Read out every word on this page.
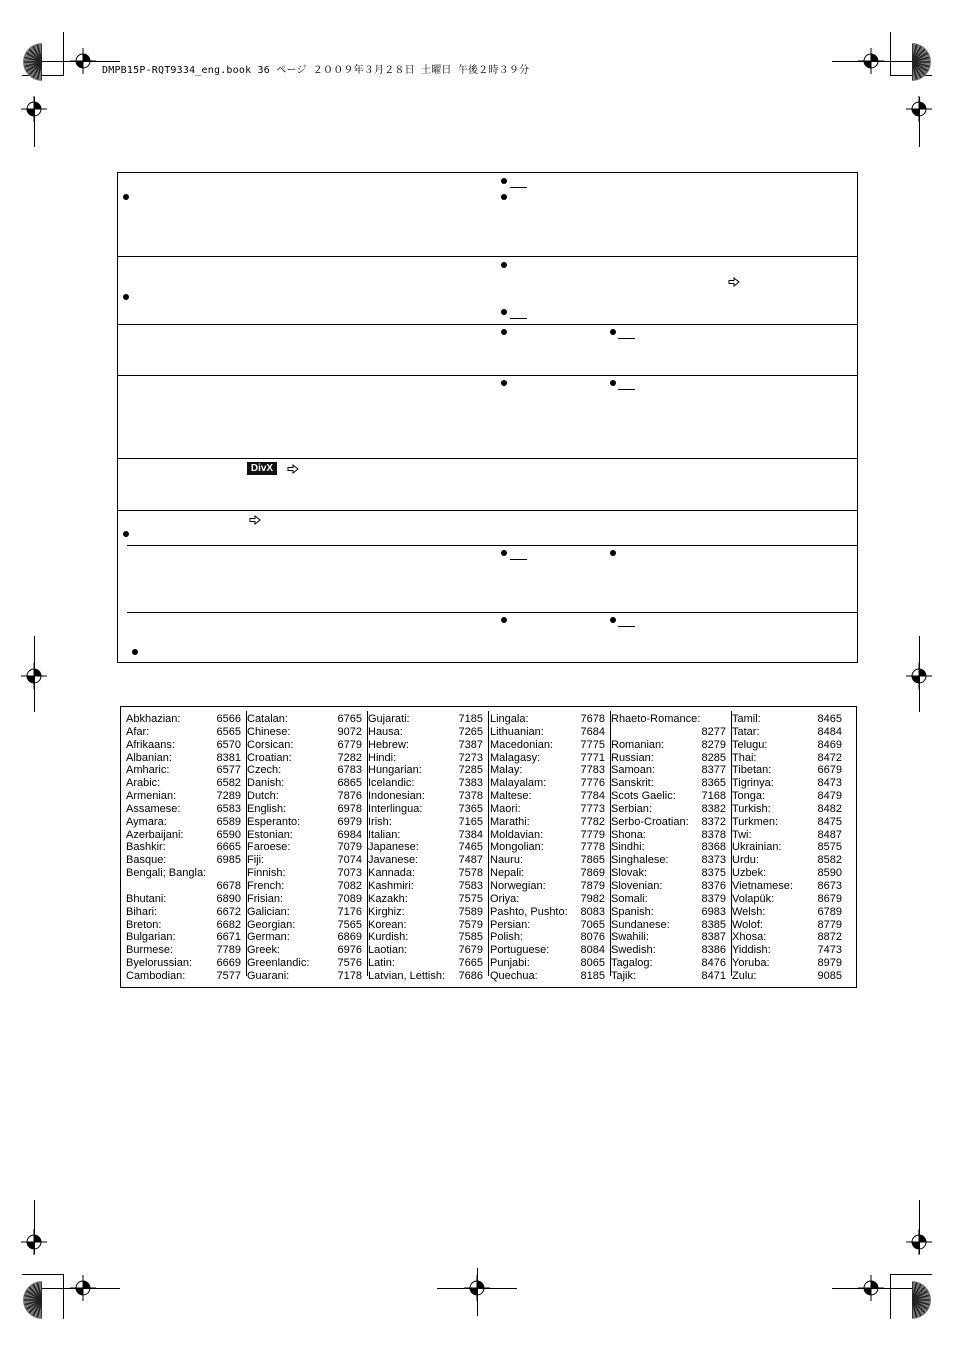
DMPB15P-RQT9334_eng.book 36 ページ ２００９年３月２８日 土曜日 午後２時３９分
DivX
Abkhazian:	6566
Afar:	6565
Afrikaans:	6570
Albanian:	8381
Amharic:	6577
Arabic:	6582
Armenian:	7289
Assamese:	6583
Aymara:	6589
Azerbaijani:	6590
Bashkir:	6665
Basque:	6985
Bengali; Bangla:
6678
Bhutani:	6890
Bihari:	6672
Breton:	6682
Bulgarian:	6671
Burmese:	7789
Byelorussian: 6669
Cambodian:	7577
Catalan:	6765
Chinese:	9072
Corsican:	6779
Croatian:	7282
Czech:	6783
Danish:	6865
Dutch:	7876
English:	6978
Esperanto:	6979
Estonian:	6984
Faroese:	7079
Fiji:	7074
Finnish:	7073
French:	7082
Frisian:	7089
Galician:	7176
Georgian:	7565
German:	6869
Greek:	6976
Greenlandic:	7576
Guarani:	7178
Gujarati:	7185
Hausa:	7265
Hebrew:	7387
Hindi:	7273
Hungarian:	7285
Icelandic:	7383
Indonesian:	7378
Interlingua:	7365
Irish:	7165
Italian:	7384
Japanese:	7465
Javanese:	7487
Kannada:	7578
Kashmiri:	7583
Kazakh:	7575
Kirghiz:	7589
Korean:	7579
Kurdish:	7585
Laotian:	7679
Latin:	7665
Latvian, Lettish: 7686
Lingala:	7678
Lithuanian:	7684
Macedonian:	7775
Malagasy:	7771
Malay:	7783
Malayalam:	7776
Maltese:	7784
Maori:	7773
Marathi:	7782
Moldavian:	7779
Mongolian:	7778
Nauru:	7865
Nepali:	7869
Norwegian:	7879
Oriya:	7982
Pashto, Pushto: 8083
Persian:	7065
Polish:	8076
Portuguese:	8084
Punjabi:	8065
Quechua:	8185
Rhaeto-Romance:
8277
Romanian:	8279
Russian:	8285
Samoan:	8377
Sanskrit:	8365
Scots Gaelic: 7168
Serbian:	8382
Serbo-Croatian: 8372
Shona:	8378
Sindhi:	8368
Singhalese:	8373
Slovak:	8375
Slovenian:	8376
Somali:	8379
Spanish:	6983
Sundanese:	8385
Swahili:	8387
Swedish:	8386
Tagalog:	8476
Tajik:	8471
Tamil:	8465
Tatar:	8484
Telugu:	8469
Thai:	8472
Tibetan:	6679
Tigrinya:	8473
Tonga:	8479
Turkish:	8482
Turkmen:	8475
Twi:	8487
Ukrainian:	8575
Urdu:	8582
Uzbek:	8590
Vietnamese: 8673
Volapük:	8679
Welsh:	6789
Wolof:	8779
Xhosa:	8872
Yiddish:	7473
Yoruba:	8979
Zulu:	9085
